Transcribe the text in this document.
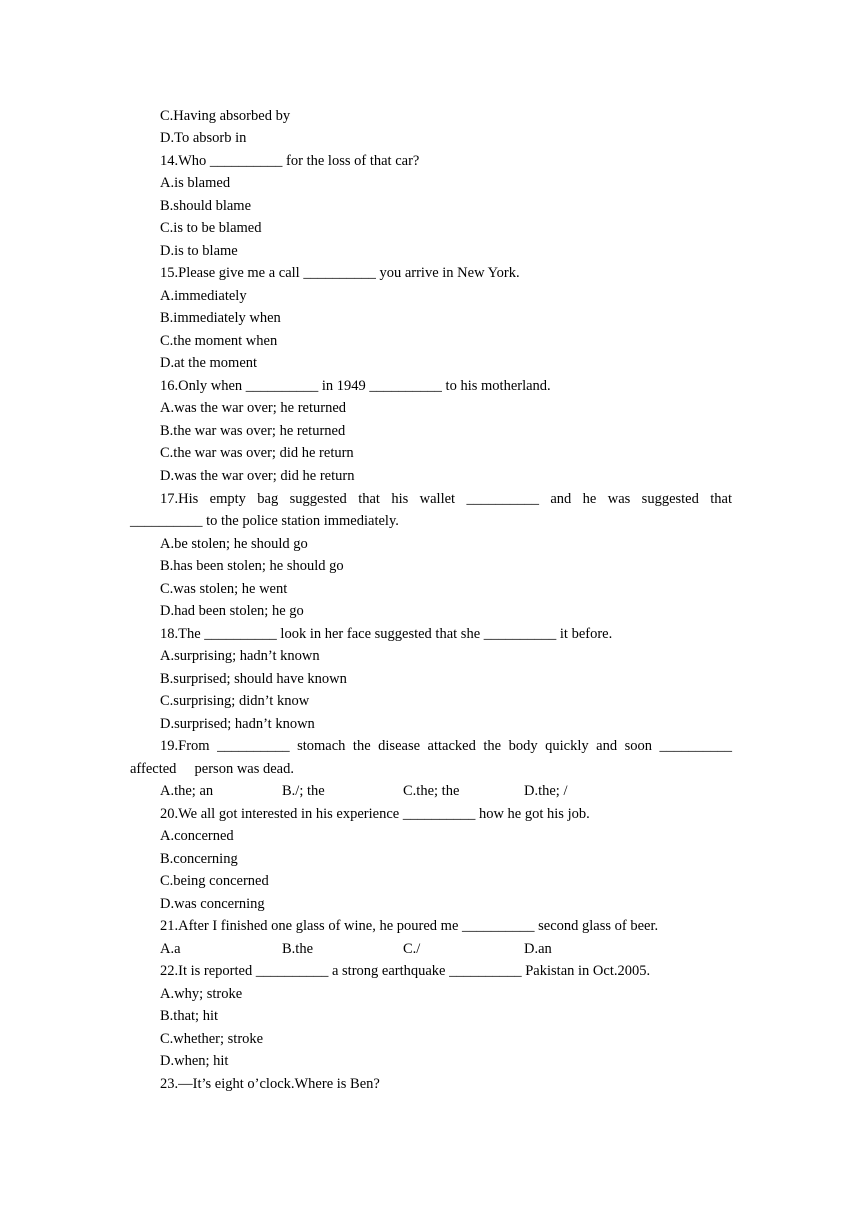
C.Having absorbed by
D.To absorb in
14.Who __________ for the loss of that car?
A.is blamed
B.should blame
C.is to be blamed
D.is to blame
15.Please give me a call __________ you arrive in New York.
A.immediately
B.immediately when
C.the moment when
D.at the moment
16.Only when __________ in 1949 __________ to his motherland.
A.was the war over; he returned
B.the war was over; he returned
C.the war was over; did he return
D.was the war over; did he return
17.His empty bag suggested that his wallet __________ and he was suggested that
__________ to the police station immediately.
A.be stolen; he should go
B.has been stolen; he should go
C.was stolen; he went
D.had been stolen; he go
18.The __________ look in her face suggested that she __________ it before.
A.surprising; hadn’t known
B.surprised; should have known
C.surprising; didn’t know
D.surprised; hadn’t known
19.From __________ stomach the disease attacked the body quickly and soon __________
affected     person was dead.

A.the; an

	B./; the

	C.the; the

	D.the; /

20.We all got interested in his experience __________ how he got his job.
A.concerned
B.concerning
C.being concerned
D.was concerning
21.After I finished one glass of wine, he poured me __________ second glass of beer.

A.a

	B.the

	C./

	D.an

22.It is reported __________ a strong earthquake __________ Pakistan in Oct.2005.
A.why; stroke
B.that; hit
C.whether; stroke
D.when; hit
23.—It’s eight o’clock.Where is Ben?
